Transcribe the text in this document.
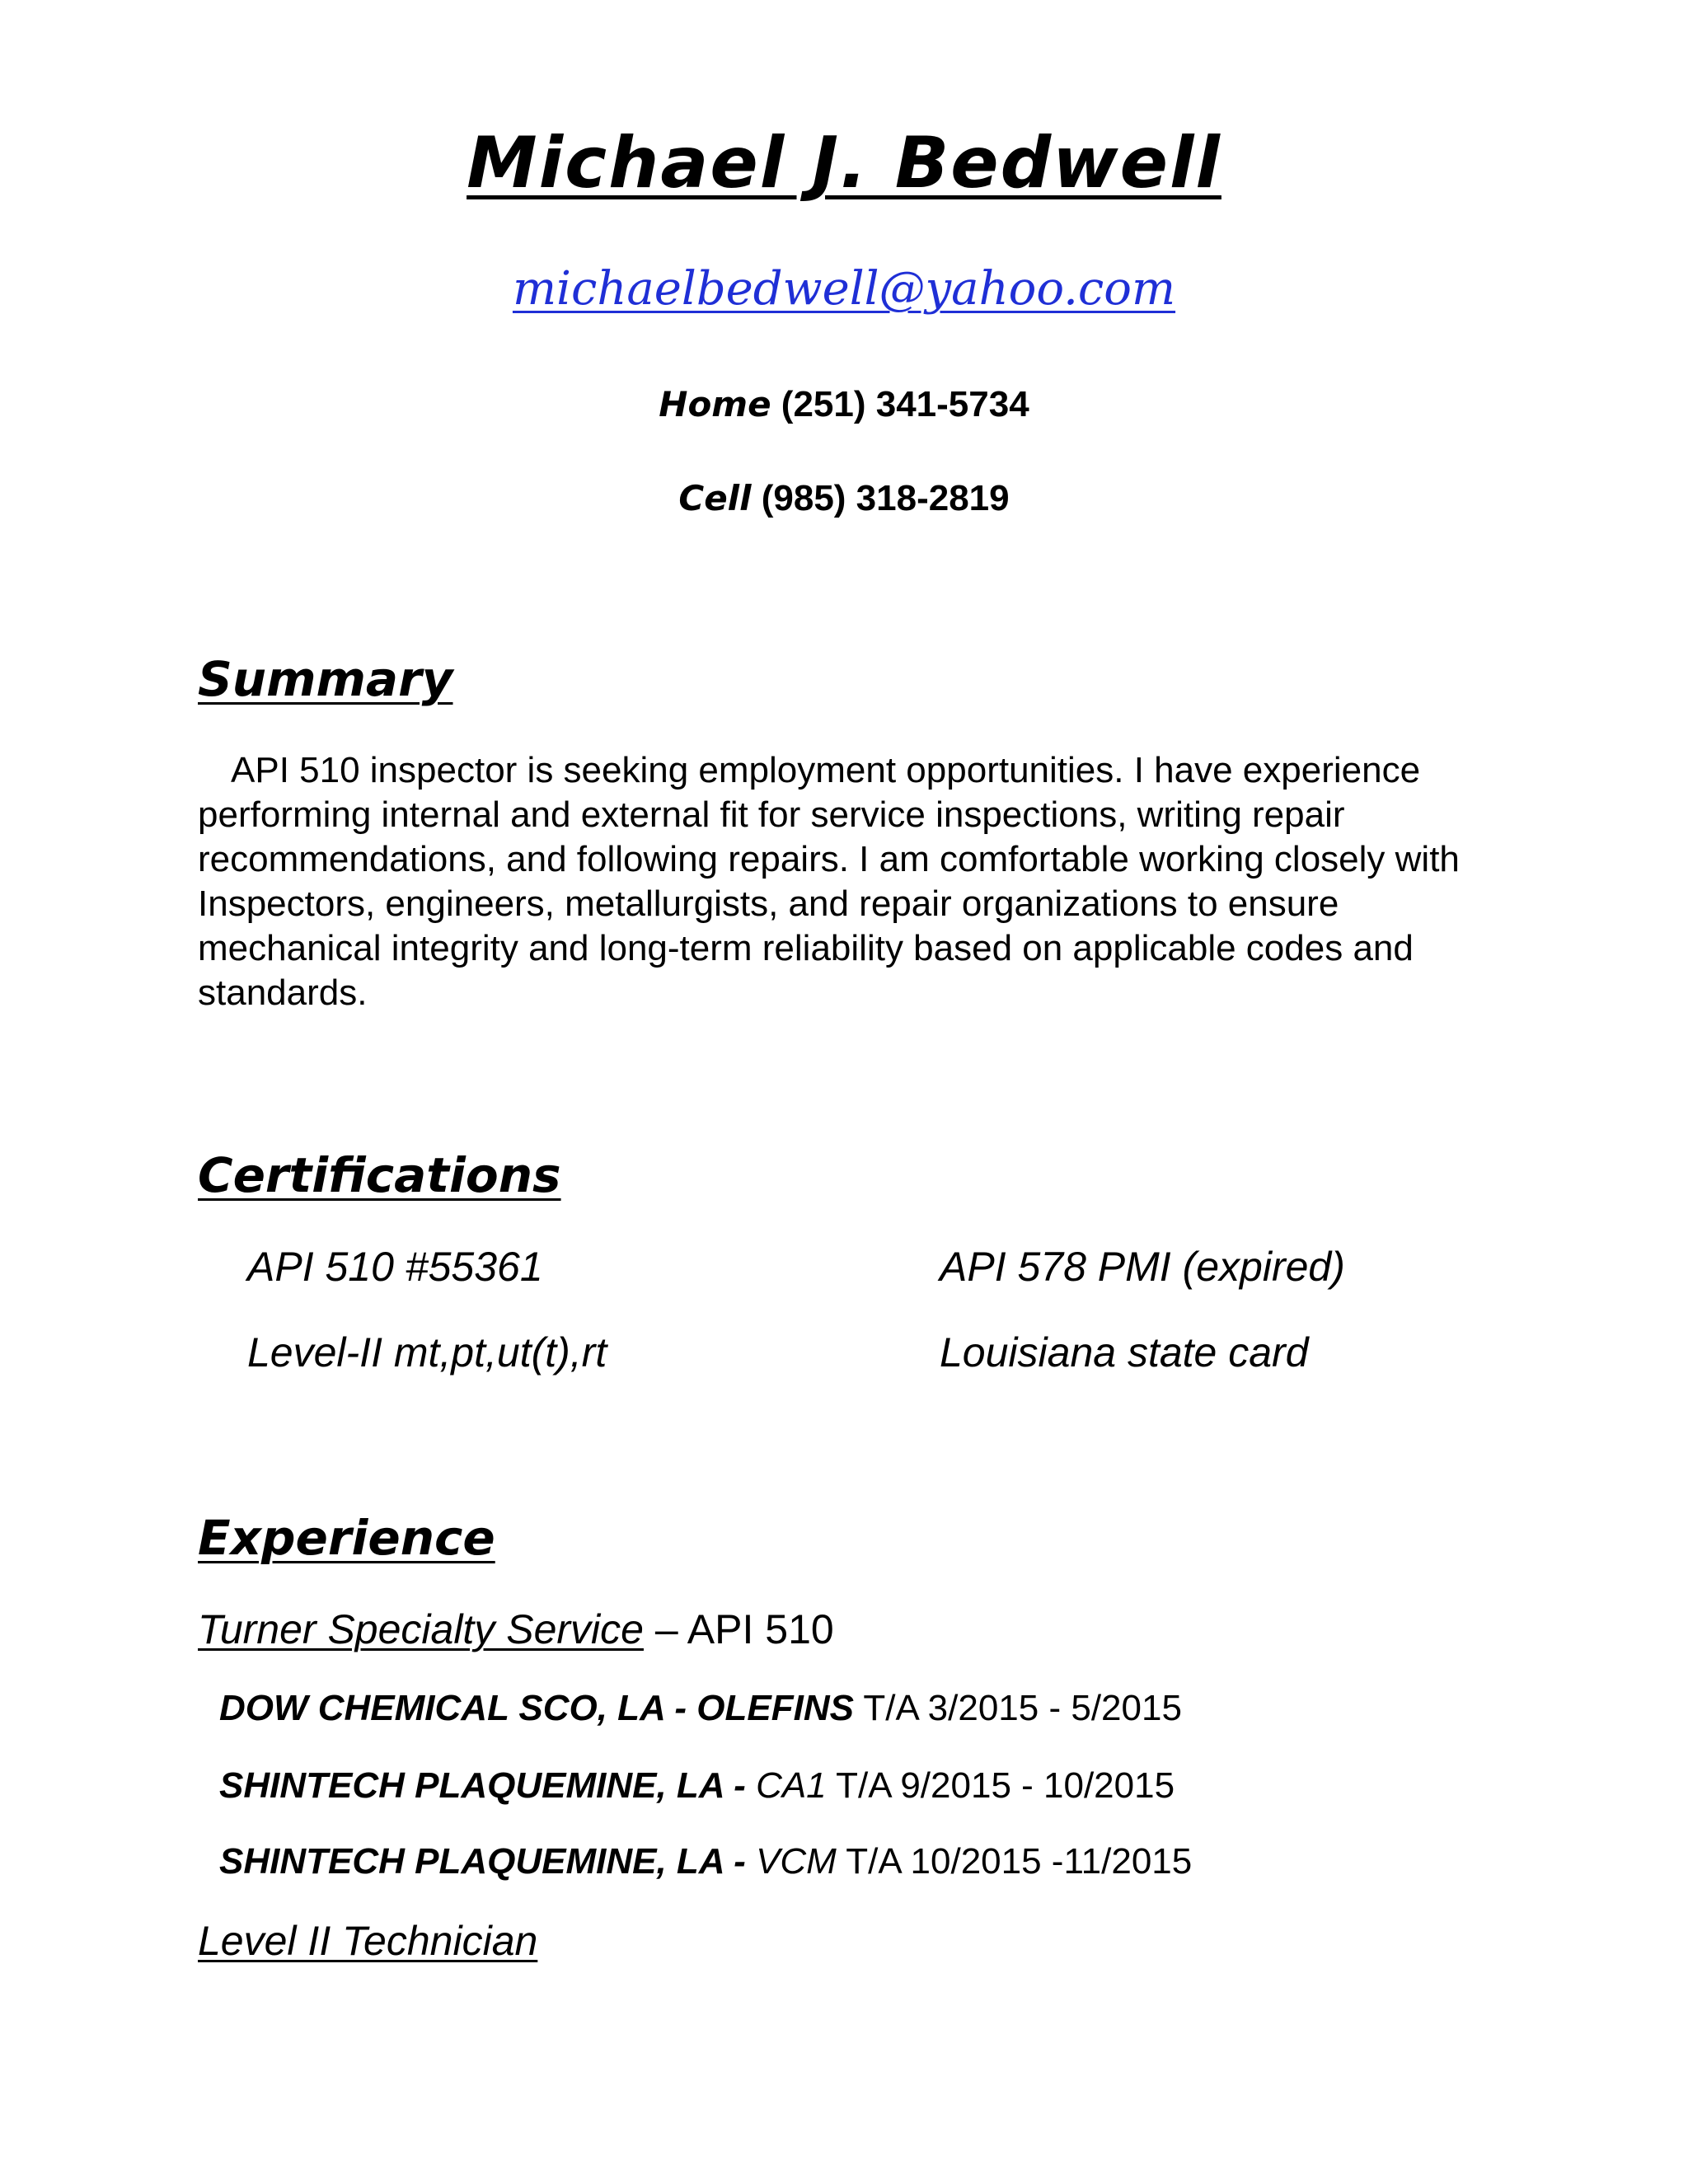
Michael J. Bedwell
michaelbedwell@yahoo.com
Home (251) 341-5734
Cell (985) 318-2819
Summary
API 510 inspector is seeking employment opportunities. I have experience performing internal and external fit for service inspections, writing repair recommendations, and following repairs. I am comfortable working closely with Inspectors, engineers, metallurgists, and repair organizations to ensure mechanical integrity and long-term reliability based on applicable codes and standards.
Certifications
API 510 #55361	API 578 PMI (expired)
Level-II mt,pt,ut(t),rt	Louisiana state card
Experience
Turner Specialty Service – API 510
DOW CHEMICAL SCO, LA - OLEFINS T/A 3/2015 - 5/2015
SHINTECH PLAQUEMINE, LA - CA1 T/A 9/2015 - 10/2015
SHINTECH PLAQUEMINE, LA - VCM T/A 10/2015 -11/2015
Level II Technician
